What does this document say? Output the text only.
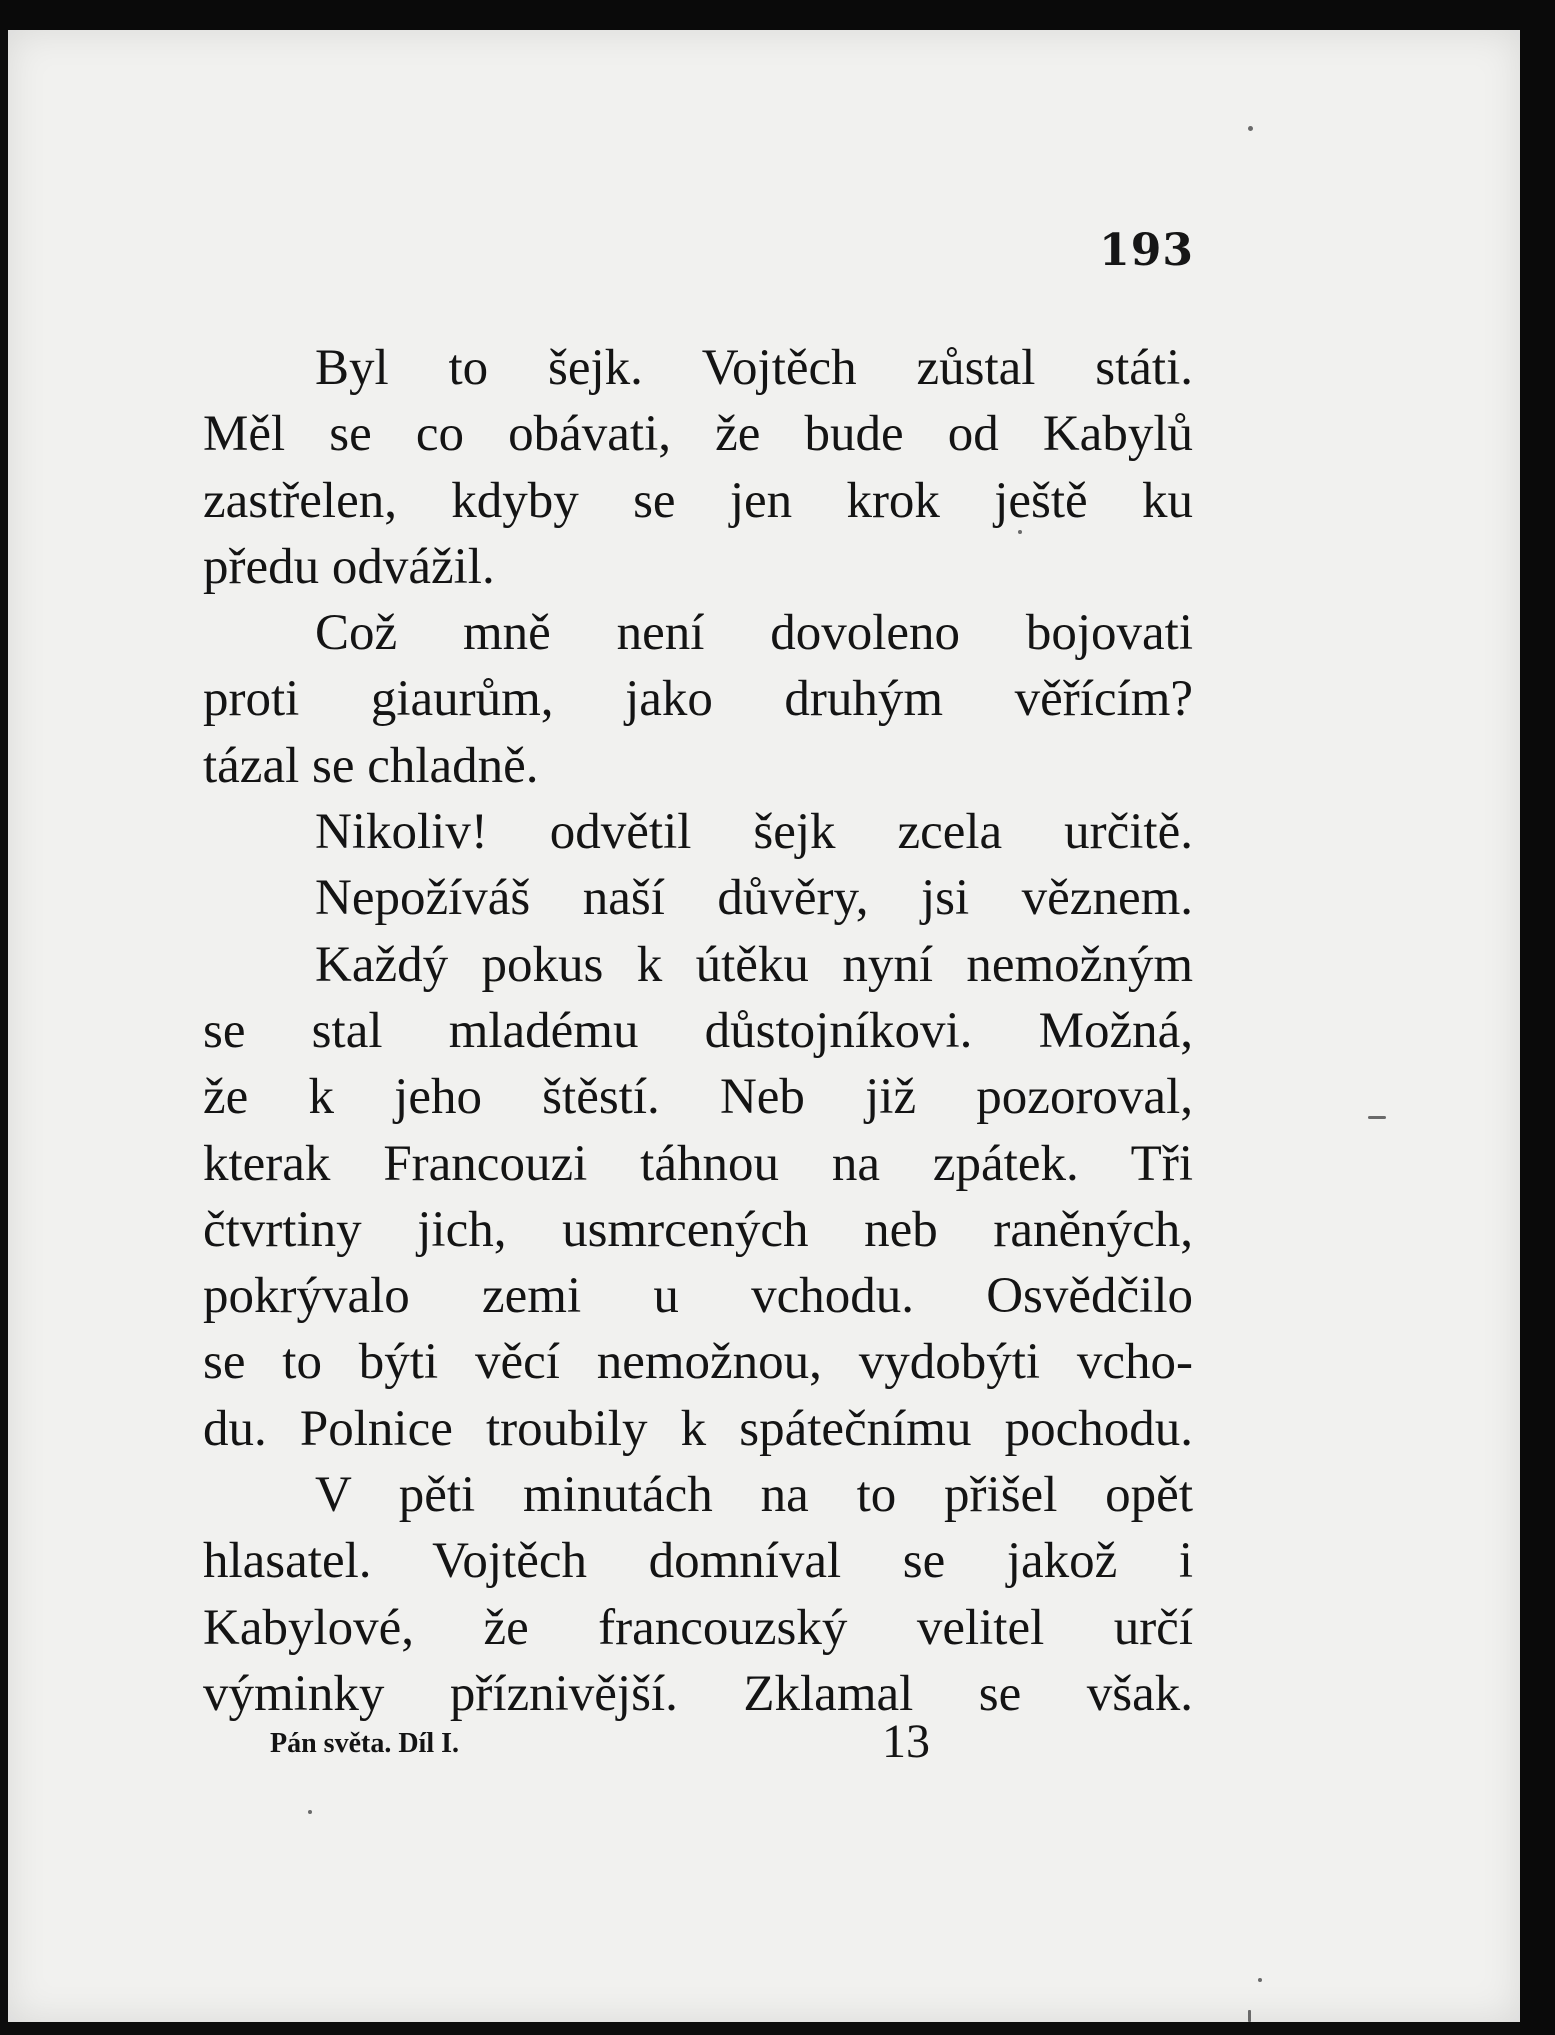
193
Byl to šejk. Vojtěch zůstal státi.
Měl se co obávati, že bude od Kabylů
zastřelen, kdyby se jen krok ještě ku
předu odvážil.
Což mně není dovoleno bojovati
proti giaurům, jako druhým věřícím?
tázal se chladně.
Nikoliv! odvětil šejk zcela určitě.
Nepožíváš naší důvěry, jsi věznem.
Každý pokus k útěku nyní nemožným
se stal mladému důstojníkovi. Možná,
že k jeho štěstí. Neb již pozoroval,
kterak Francouzi táhnou na zpátek. Tři
čtvrtiny jich, usmrcených neb raněných,
pokrývalo zemi u vchodu. Osvědčilo
se to býti věcí nemožnou, vydobýti vcho-
du. Polnice troubily k spátečnímu pochodu.
V pěti minutách na to přišel opět
hlasatel. Vojtěch domníval se jakož i
Kabylové, že francouzský velitel určí
výminky příznivější. Zklamal se však.
Pán světa. Díl I.	13
